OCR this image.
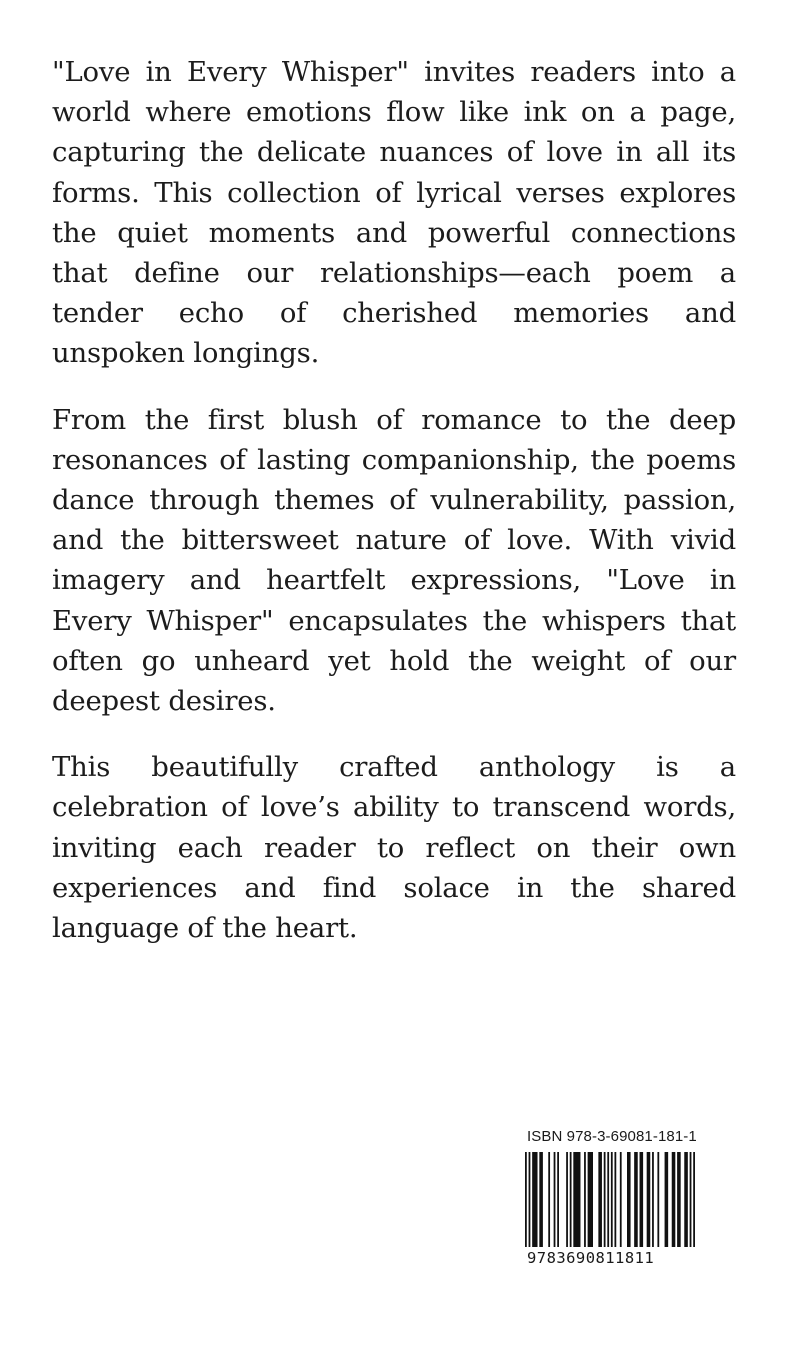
"Love in Every Whisper" invites readers into a world where emotions flow like ink on a page, capturing the delicate nuances of love in all its forms. This collection of lyrical verses explores the quiet moments and powerful connections that define our relationships—each poem a tender echo of cherished memories and unspoken longings.

From the first blush of romance to the deep resonances of lasting companionship, the poems dance through themes of vulnerability, passion, and the bittersweet nature of love. With vivid imagery and heartfelt expressions, "Love in Every Whisper" encapsulates the whispers that often go unheard yet hold the weight of our deepest desires.

This beautifully crafted anthology is a celebration of love’s ability to transcend words, inviting each reader to reflect on their own experiences and find solace in the shared language of the heart.

ISBN 978-3-69081-181-1
9783690811811
